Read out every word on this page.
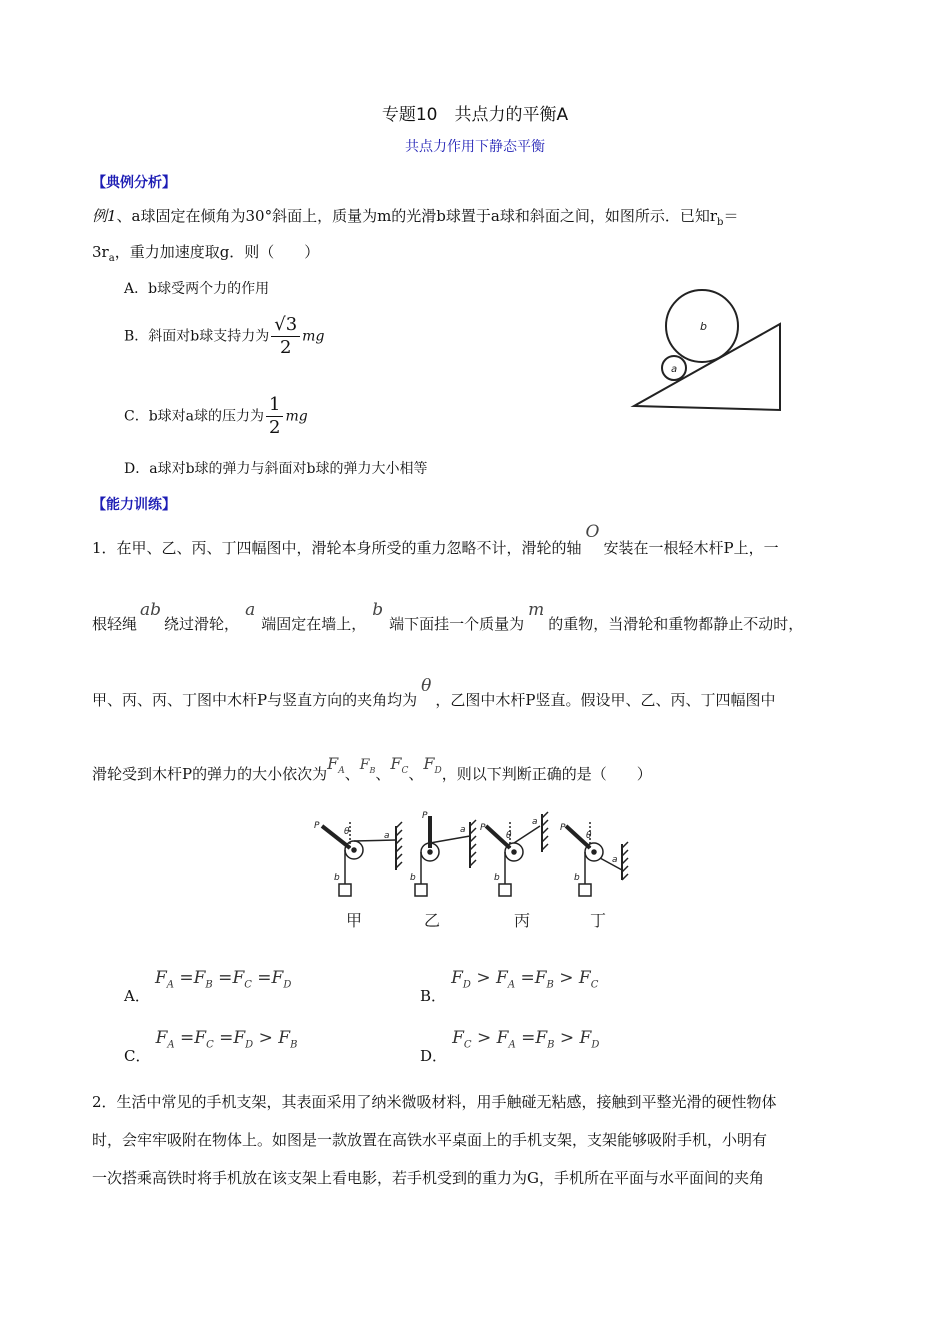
专题10　共点力的平衡A
共点力作用下静态平衡
【典例分析】
例1、a球固定在倾角为30°斜面上，质量为m的光滑b球置于a球和斜面之间，如图所示．已知$r_b=$
$3r_a$，重力加速度取g．则（　　）
A．b球受两个力的作用
B．斜面对b球支持力为 $\frac{√3}{2}$ mg
C．b球对a球的压力为 $\frac{1}{2}$ mg
D．a球对b球的弹力与斜面对b球的弹力大小相等
b
a
【能力训练】
1．在甲、乙、丙、丁四幅图中，滑轮本身所受的重力忽略不计，滑轮的轴O安装在一根轻木杆P上，一
根轻绳ab绕过滑轮，a端固定在墙上，b端下面挂一个质量为m的重物，当滑轮和重物都静止不动时，
甲、丙、丙、丁图中木杆P与竖直方向的夹角均为θ，乙图中木杆P竖直。假设甲、乙、丙、丁四幅图中
滑轮受到木杆P的弹力的大小依次为$F_A$、$F_B$、$F_C$、$F_D$，则以下判断正确的是（　　）
P
θ	a
b
P
a
b
P
θ
a
b
P
θ
a
b
甲	乙	丙	丁
A． $F_A =F_B =F_C =F_D$
B． $F_D > F_A =F_B > F_C$
C． $F_A =F_C =F_D > F_B$
D． $F_C > F_A =F_B > F_D$
2．生活中常见的手机支架，其表面采用了纳米微吸材料，用手触碰无粘感，接触到平整光滑的硬性物体
时，会牢牢吸附在物体上。如图是一款放置在高铁水平桌面上的手机支架，支架能够吸附手机，小明有
一次搭乘高铁时将手机放在该支架上看电影，若手机受到的重力为G，手机所在平面与水平面间的夹角
